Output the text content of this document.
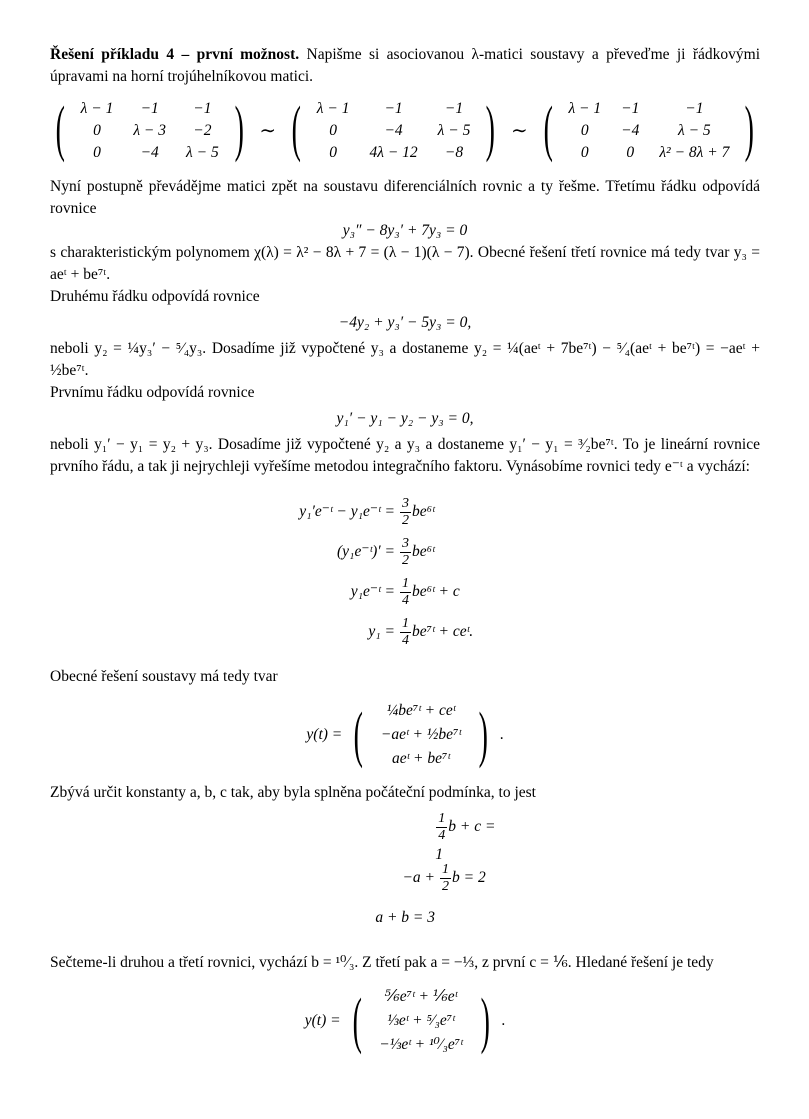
Řešení příkladu 4 – první možnost. Napišme si asociovanou λ-matici soustavy a převeďme ji řádkovými úpravami na horní trojúhelníkovou matici.

( λ − 1	−1	−1
0	λ − 3	−2
0	−4	λ − 5 ) ∼ ( λ − 1	−1	−1
0	−4	λ − 5
0	4λ − 12	−8 ) ∼ ( λ − 1	−1	−1
0	−4	λ − 5
0	0	λ² − 8λ + 7 )

Nyní postupně převádějme matici zpět na soustavu diferenciálních rovnic a ty řešme. Třetímu řádku odpovídá rovnice

y₃″ − 8y₃′ + 7y₃ = 0

s charakteristickým polynomem χ(λ) = λ² − 8λ + 7 = (λ − 1)(λ − 7). Obecné řešení třetí rovnice má tedy tvar y₃ = aeᵗ + be⁷ᵗ.

Druhému řádku odpovídá rovnice

−4y₂ + y₃′ − 5y₃ = 0,

neboli y₂ = ¼y₃′ − ⁵⁄₄y₃. Dosadíme již vypočtené y₃ a dostaneme y₂ = ¼(aeᵗ + 7be⁷ᵗ) − ⁵⁄₄(aeᵗ + be⁷ᵗ) = −aeᵗ + ½be⁷ᵗ.

Prvnímu řádku odpovídá rovnice

y₁′ − y₁ − y₂ − y₃ = 0,

neboli y₁′ − y₁ = y₂ + y₃. Dosadíme již vypočtené y₂ a y₃ a dostaneme y₁′ − y₁ = ³⁄₂be⁷ᵗ. To je lineární rovnice prvního řádu, a tak ji nejrychleji vyřešíme metodou integračního faktoru. Vynásobíme rovnici tedy e⁻ᵗ a vychází:

y₁′e⁻ᵗ − y₁e⁻ᵗ = $\frac{3}{2}$ be⁶ᵗ
(y₁e⁻ᵗ)′ = $\frac{3}{2}$ be⁶ᵗ
y₁e⁻ᵗ = $\frac{1}{4}$ be⁶ᵗ + c
$y_1 = \frac{1}{4}$ be⁷ᵗ + ceᵗ.

Obecné řešení soustavy má tedy tvar

y(t) = ( ¼be⁷ᵗ + ceᵗ
−aeᵗ + ½be⁷ᵗ
aeᵗ + be⁷ᵗ ) .

Zbývá určit konstanty a, b, c tak, aby byla splněna počáteční podmínka, to jest

$\frac{1}{4}$ b + c = 1
$-a + \frac{1}{2}$ b = 2
a + b = 3

Sečteme-li druhou a třetí rovnici, vychází b = ¹⁰⁄₃. Z třetí pak a = −⅓, z první c = ⅙. Hledané řešení je tedy

y(t) = ( ⅚e⁷ᵗ + ⅙eᵗ
⅓eᵗ + ⁵⁄₃e⁷ᵗ
−⅓eᵗ + ¹⁰⁄₃e⁷ᵗ ) .
